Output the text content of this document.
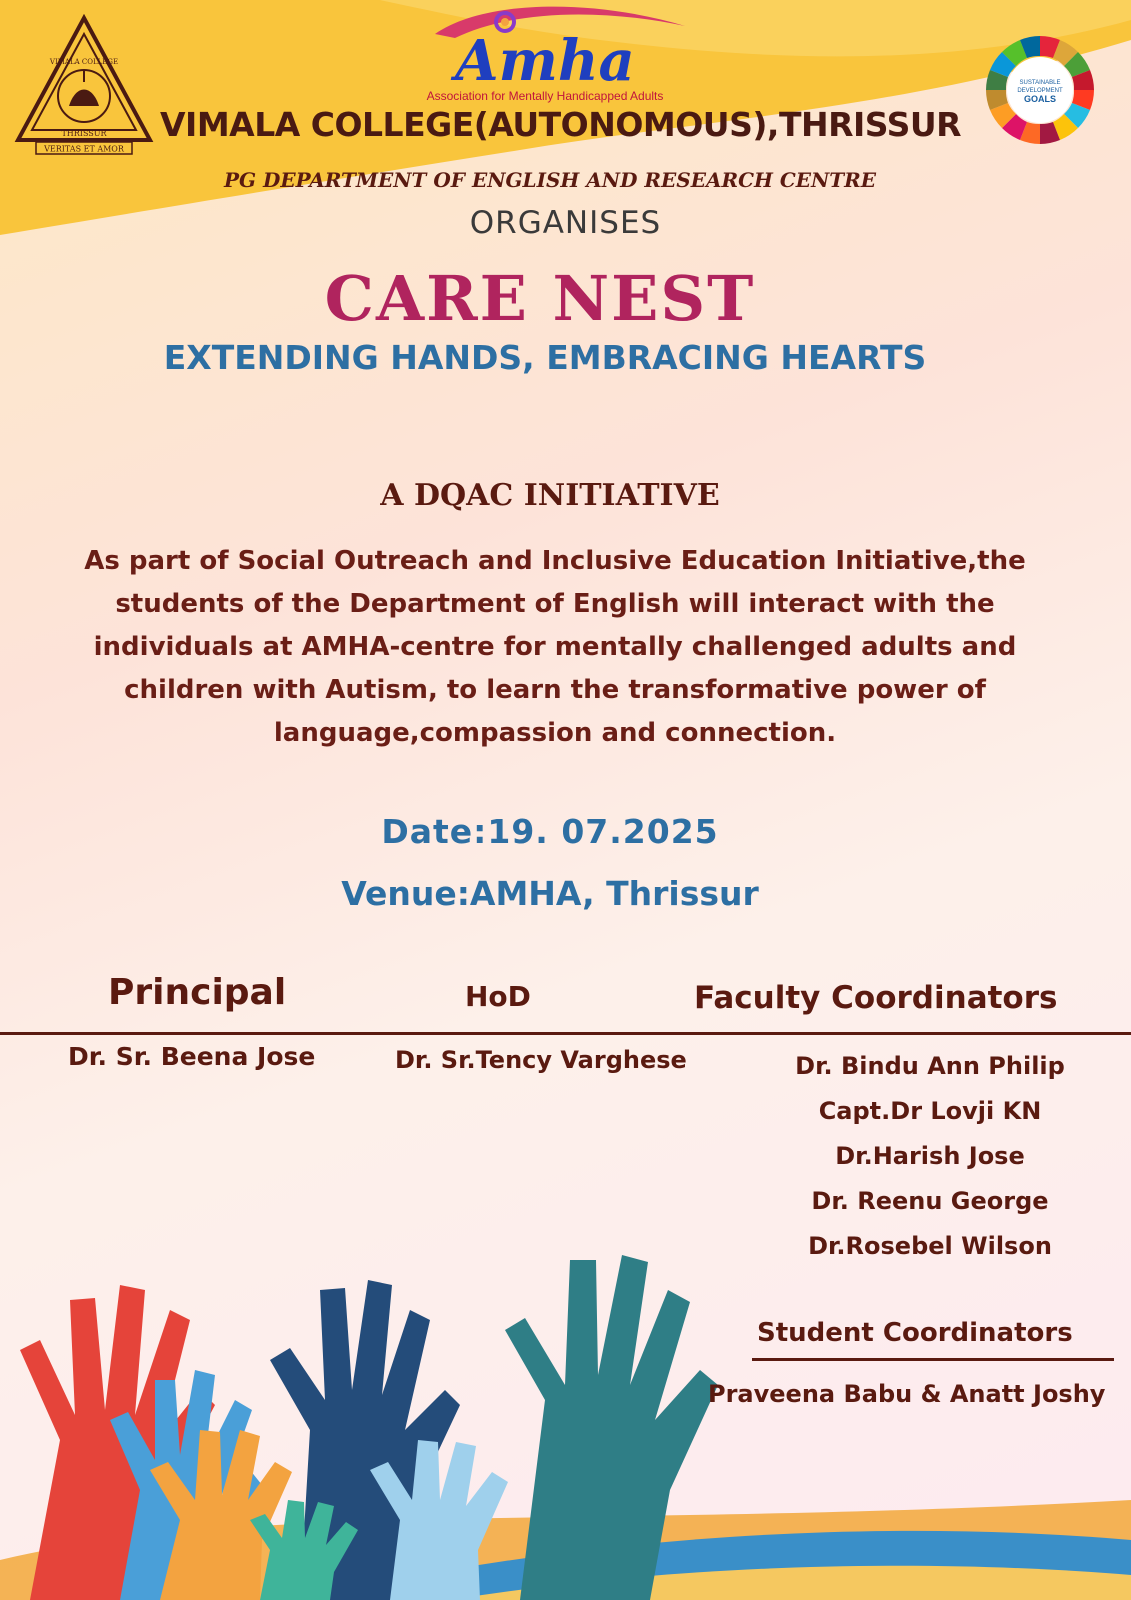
VERITAS ET AMOR
THRISSUR
VIMALA COLLEGE	Amha
Association for Mentally Handicapped Adults
SUSTAINABLE
DEVELOPMENT
GOALS
VIMALA COLLEGE(AUTONOMOUS),THRISSUR
PG DEPARTMENT OF ENGLISH AND RESEARCH CENTRE
ORGANISES
CARE NEST
EXTENDING HANDS, EMBRACING HEARTS
A DQAC INITIATIVE
As part of Social Outreach and Inclusive Education Initiative,the students of the Department of English will interact with the individuals at AMHA-centre for mentally challenged adults and children with Autism, to learn the transformative power of language,compassion and connection.
Date:19. 07.2025
Venue:AMHA, Thrissur
Principal	HoD	Faculty Coordinators
Dr. Sr. Beena Jose	Dr. Sr.Tency Varghese	Dr. Bindu Ann Philip
Capt.Dr Lovji KN
Dr.Harish Jose
Dr. Reenu George
Dr.Rosebel Wilson
Student Coordinators
Praveena Babu & Anatt Joshy
